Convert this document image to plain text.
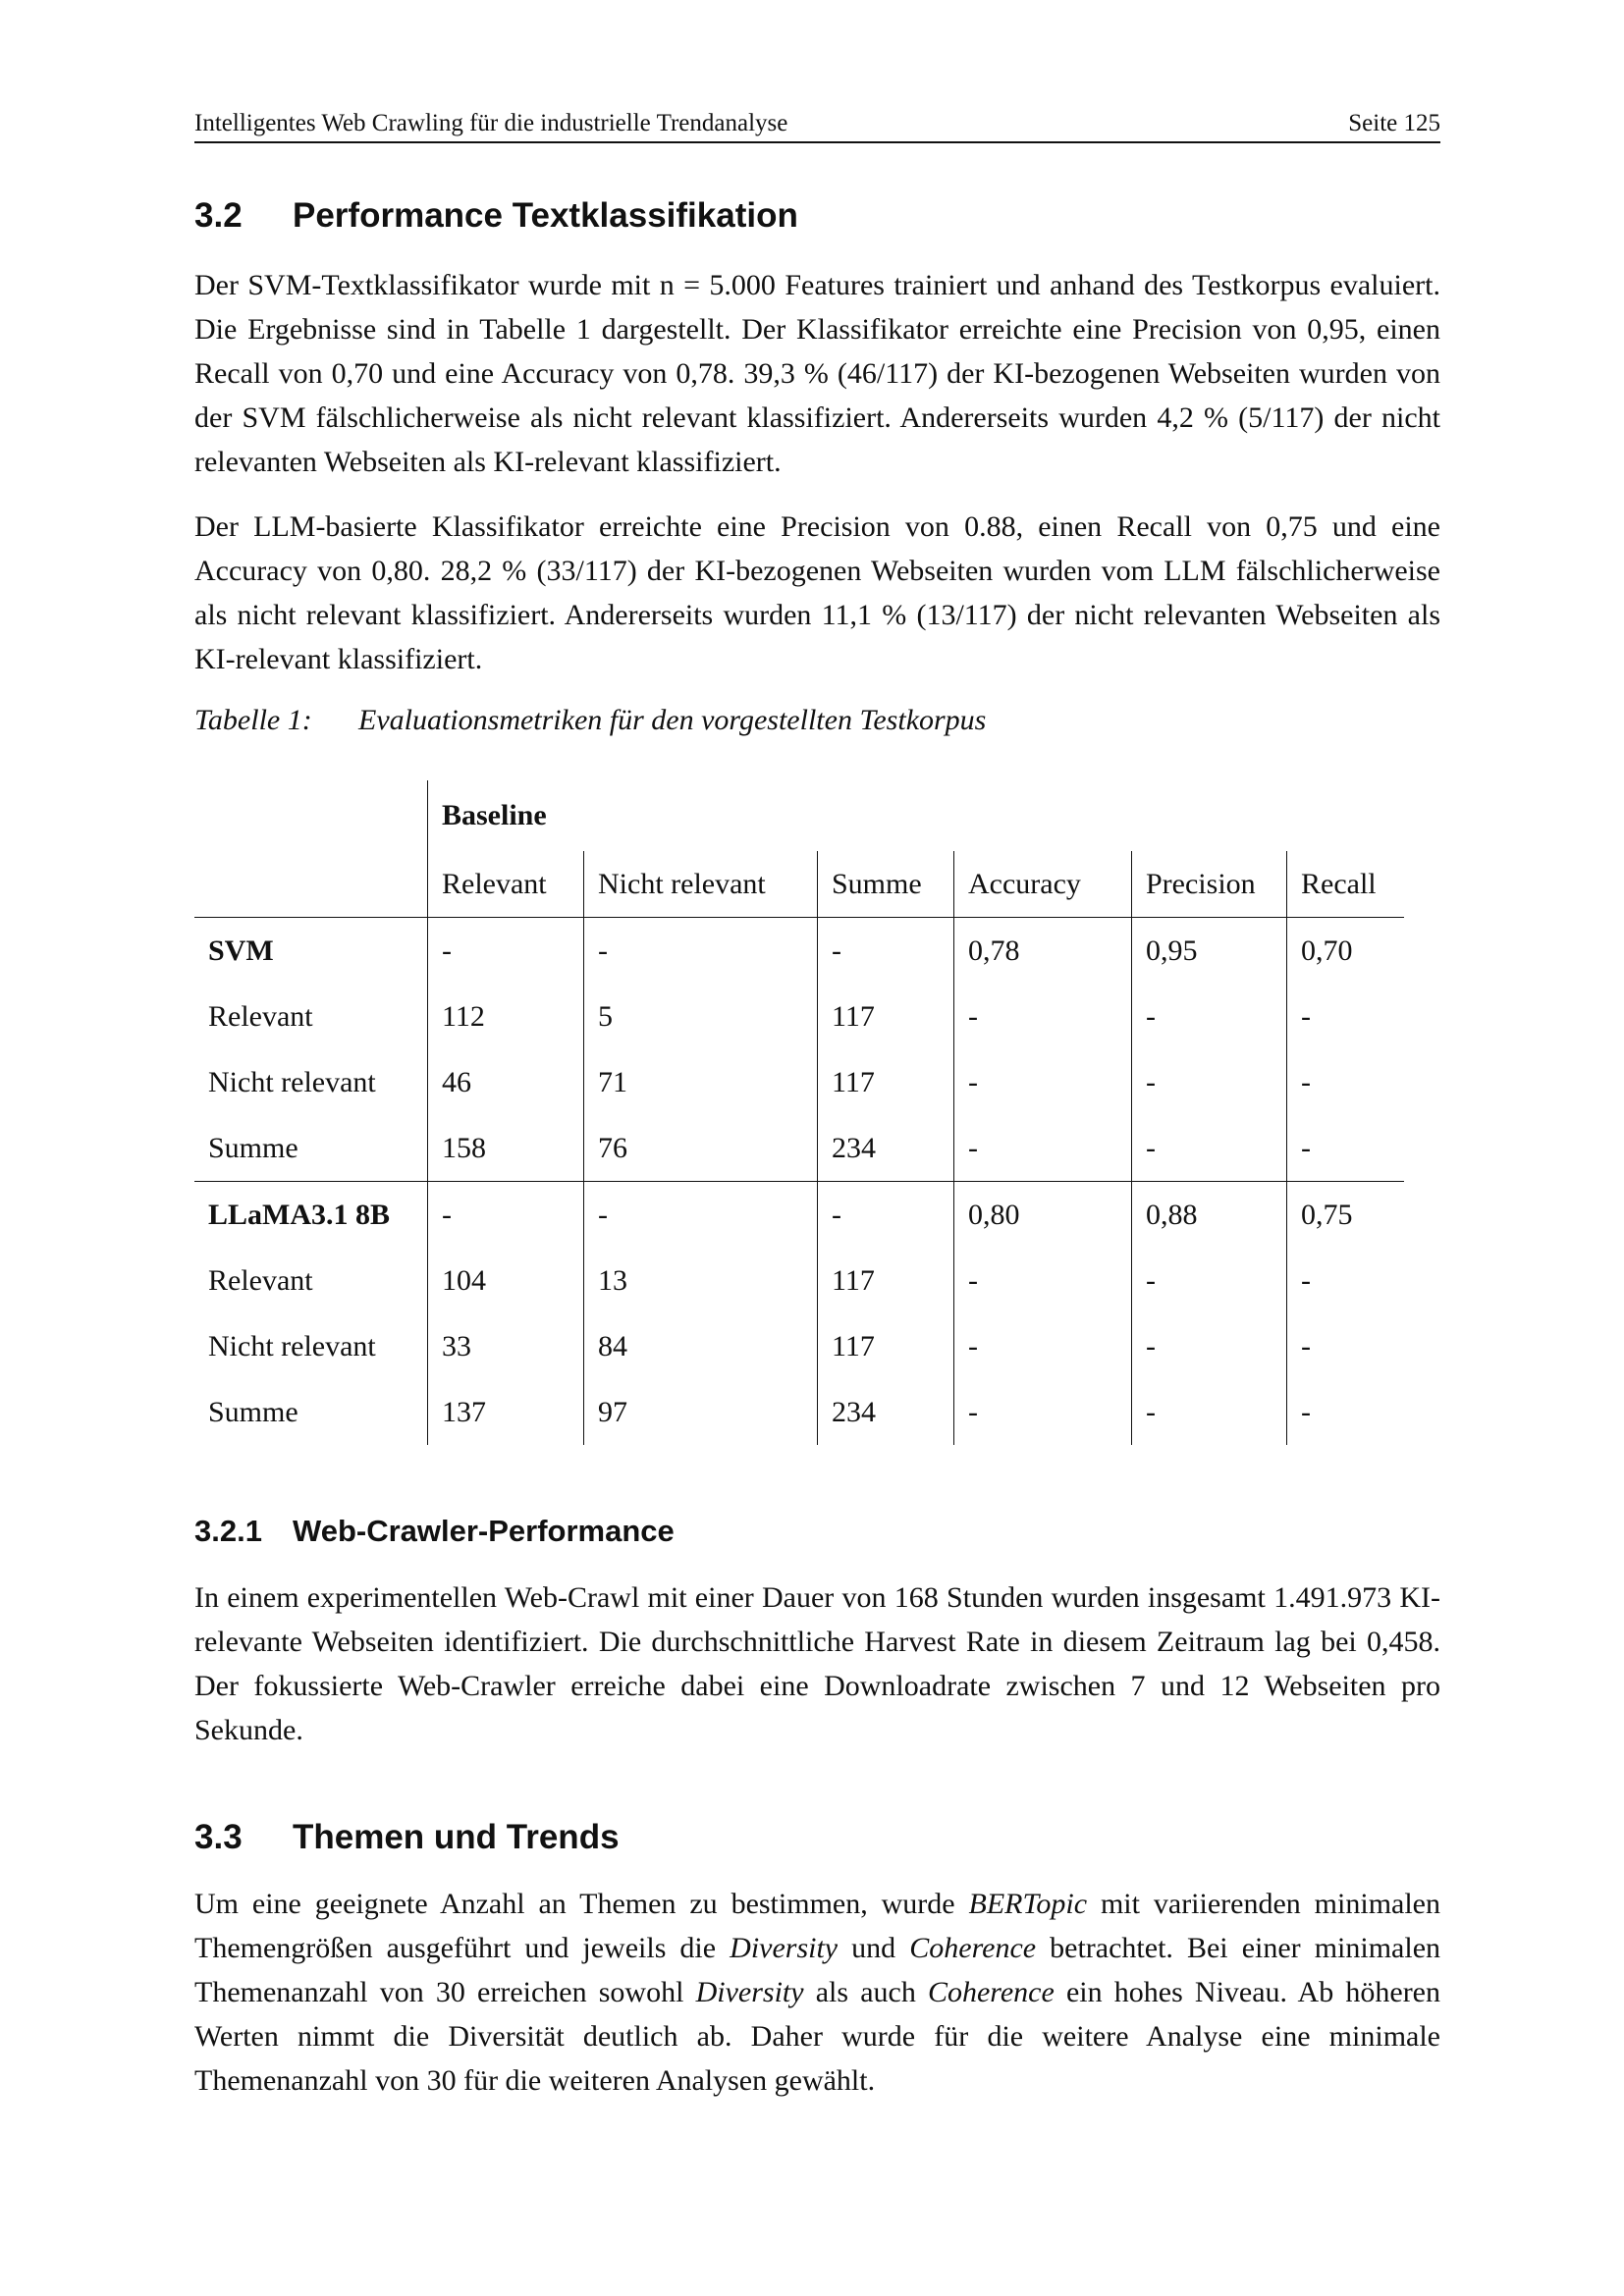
Intelligentes Web Crawling für die industrielle Trendanalyse	Seite 125
3.2 Performance Textklassifikation

Der SVM-Textklassifikator wurde mit n = 5.000 Features trainiert und anhand des Testkorpus evaluiert. Die Ergebnisse sind in Tabelle 1 dargestellt. Der Klassifikator erreichte eine Precision von 0,95, einen Recall von 0,70 und eine Accuracy von 0,78. 39,3 % (46/117) der KI-bezogenen Webseiten wurden von der SVM fälschlicherweise als nicht relevant klassifiziert. Andererseits wurden 4,2 % (5/117) der nicht relevanten Webseiten als KI-relevant klassifiziert.

Der LLM-basierte Klassifikator erreichte eine Precision von 0.88, einen Recall von 0,75 und eine Accuracy von 0,80. 28,2 % (33/117) der KI-bezogenen Webseiten wurden vom LLM fälschlicherweise als nicht relevant klassifiziert. Andererseits wurden 11,1 % (13/117) der nicht relevanten Webseiten als KI-relevant klassifiziert.

Tabelle 1: Evaluationsmetriken für den vorgestellten Testkorpus
	Baseline					
	Relevant	Nicht relevant	Summe	Accuracy	Precision	Recall
SVM	-	-	-	0,78	0,95	0,70
Relevant	112	5	117	-	-	-
Nicht relevant	46	71	117	-	-	-
Summe	158	76	234	-	-	-
LLaMA3.1 8B	-	-	-	0,80	0,88	0,75
Relevant	104	13	117	-	-	-
Nicht relevant	33	84	117	-	-	-
Summe	137	97	234	-	-	-
3.2.1 Web-Crawler-Performance

In einem experimentellen Web-Crawl mit einer Dauer von 168 Stunden wurden insgesamt 1.491.973 KI-relevante Webseiten identifiziert. Die durchschnittliche Harvest Rate in diesem Zeitraum lag bei 0,458. Der fokussierte Web-Crawler erreiche dabei eine Downloadrate zwischen 7 und 12 Webseiten pro Sekunde.

3.3 Themen und Trends

Um eine geeignete Anzahl an Themen zu bestimmen, wurde BERTopic mit variierenden minimalen Themengrößen ausgeführt und jeweils die Diversity und Coherence betrachtet. Bei einer minimalen Themenanzahl von 30 erreichen sowohl Diversity als auch Coherence ein hohes Niveau. Ab höheren Werten nimmt die Diversität deutlich ab. Daher wurde für die weitere Analyse eine minimale Themenanzahl von 30 für die weiteren Analysen gewählt.
